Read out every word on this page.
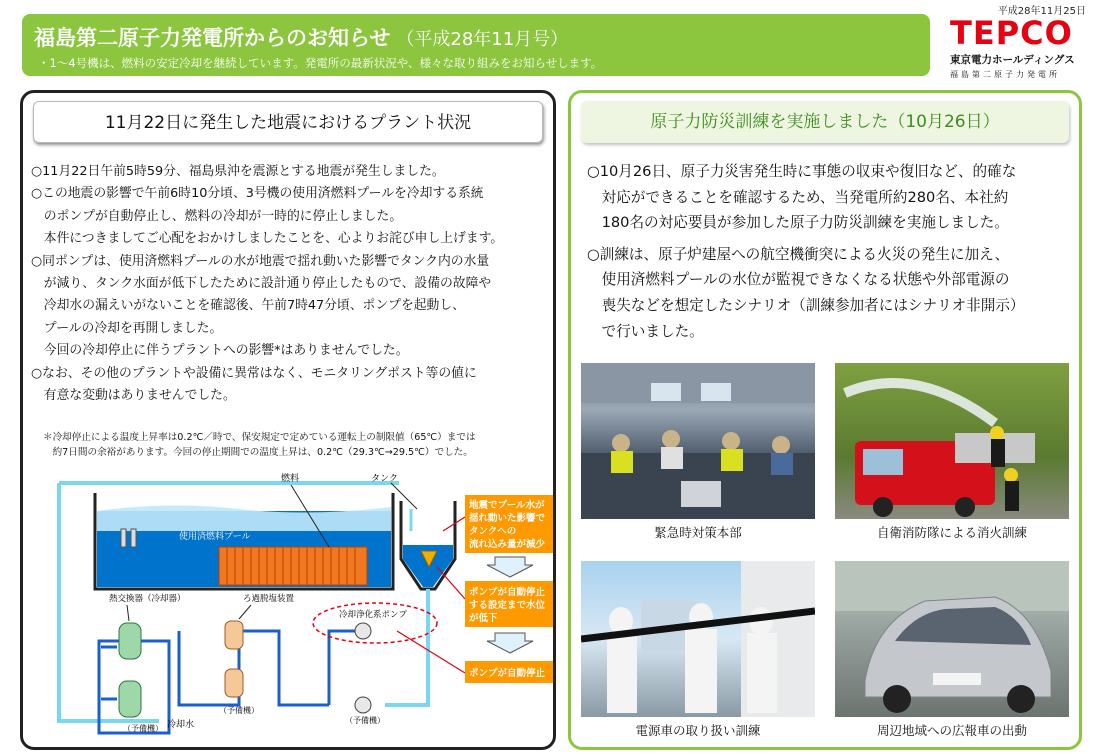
平成28年11月25日
福島第二原子力発電所からのお知らせ （平成28年11月号）
・1～4号機は、燃料の安定冷却を継続しています。発電所の最新状況や、様々な取り組みをお知らせします。
TEPCO
東京電力ホールディングス
福島第二原子力発電所
11月22日に発生した地震におけるプラント状況
○11月22日午前5時59分、福島県沖を震源とする地震が発生しました。
○この地震の影響で午前6時10分頃、3号機の使用済燃料プールを冷却する系統
　のポンプが自動停止し、燃料の冷却が一時的に停止しました。
　本件につきましてご心配をおかけしましたことを、心よりお詫び申し上げます。
○同ポンプは、使用済燃料プールの水が地震で揺れ動いた影響でタンク内の水量
　が減り、タンク水面が低下したために設計通り停止したもので、設備の故障や
　冷却水の漏えいがないことを確認後、午前7時47分頃、ポンプを起動し、
　プールの冷却を再開しました。
　今回の冷却停止に伴うプラントへの影響*はありませんでした。
○なお、その他のプラントや設備に異常はなく、モニタリングポスト等の値に
　有意な変動はありませんでした。
＊冷却停止による温度上昇率は0.2℃／時で、保安規定で定めている運転上の制限値（65℃）までは
　約7日間の余裕があります。今回の停止期間での温度上昇は、0.2℃（29.3℃→29.5℃）でした。
使用済燃料プール
燃料	タンク
熱交換器（冷却器）	ろ過脱塩装置
冷却浄化系ポンプ
（予備機）
（予備機）
（予備機）
冷却水
地震でプール水が
揺れ動いた影響で
タンクへの
流れ込み量が減少
ポンプが自動停止
する設定まで水位
が低下
ポンプが自動停止
原子力防災訓練を実施しました（10月26日）
○10月26日、原子力災害発生時に事態の収束や復旧など、的確な
　対応ができることを確認するため、当発電所約280名、本社約
　180名の対応要員が参加した原子力防災訓練を実施しました。
○訓練は、原子炉建屋への航空機衝突による火災の発生に加え、
　使用済燃料プールの水位が監視できなくなる状態や外部電源の
　喪失などを想定したシナリオ（訓練参加者にはシナリオ非開示）
　で行いました。
緊急時対策本部	自衛消防隊による消火訓練
電源車の取り扱い訓練	周辺地域への広報車の出動
